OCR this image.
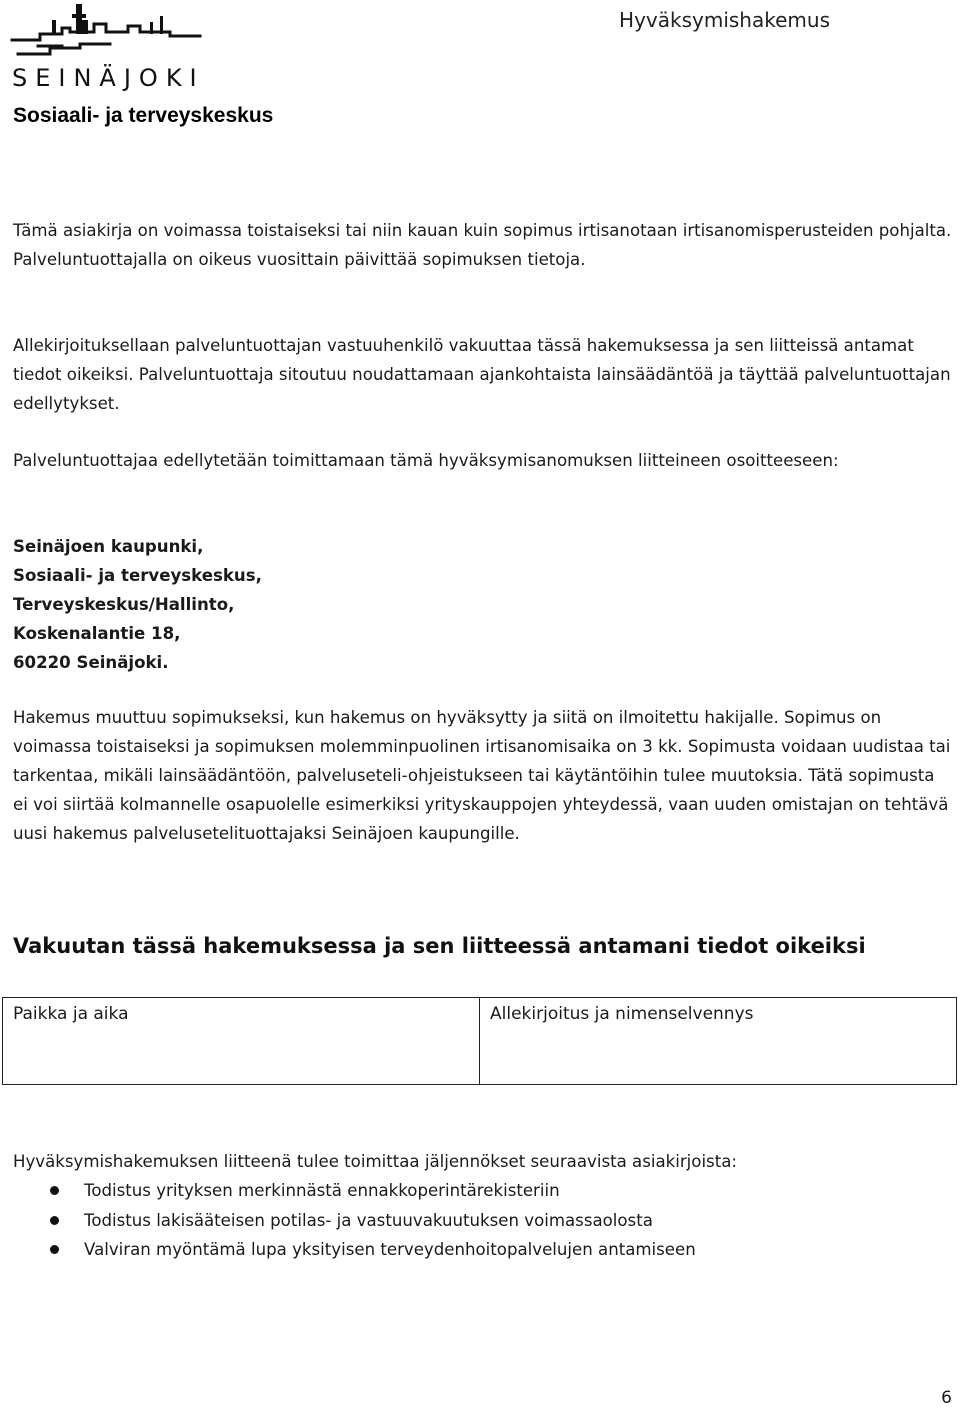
SEINÄJOKI
Sosiaali- ja terveyskeskus
Hyväksymishakemus

Tämä asiakirja on voimassa toistaiseksi tai niin kauan kuin sopimus irtisanotaan irtisanomisperusteiden pohjalta. Palveluntuottajalla on oikeus vuosittain päivittää sopimuksen tietoja.

Allekirjoituksellaan palveluntuottajan vastuuhenkilö vakuuttaa tässä hakemuksessa ja sen liitteissä antamat tiedot oikeiksi. Palveluntuottaja sitoutuu noudattamaan ajankohtaista lainsäädäntöä ja täyttää palveluntuottajan edellytykset.

Palveluntuottajaa edellytetään toimittamaan tämä hyväksymisanomuksen liitteineen osoitteeseen:

Seinäjoen kaupunki,
Sosiaali- ja terveyskeskus,
Terveyskeskus/Hallinto,
Koskenalantie 18,
60220 Seinäjoki.

Hakemus muuttuu sopimukseksi, kun hakemus on hyväksytty ja siitä on ilmoitettu hakijalle. Sopimus on voimassa toistaiseksi ja sopimuksen molemminpuolinen irtisanomisaika on 3 kk. Sopimusta voidaan uudistaa tai tarkentaa, mikäli lainsäädäntöön, palveluseteli-ohjeistukseen tai käytäntöihin tulee muutoksia. Tätä sopimusta ei voi siirtää kolmannelle osapuolelle esimerkiksi yrityskauppojen yhteydessä, vaan uuden omistajan on tehtävä uusi hakemus palvelusetelituottajaksi Seinäjoen kaupungille.

Vakuutan tässä hakemuksessa ja sen liitteessä antamani tiedot oikeiksi
Paikka ja aika	Allekirjoitus ja nimenselvennys
Hyväksymishakemuksen liitteenä tulee toimittaa jäljennökset seuraavista asiakirjoista:
Todistus yrityksen merkinnästä ennakkoperintärekisteriin
Todistus lakisääteisen potilas- ja vastuuvakuutuksen voimassaolosta
Valviran myöntämä lupa yksityisen terveydenhoitopalvelujen antamiseen
6
